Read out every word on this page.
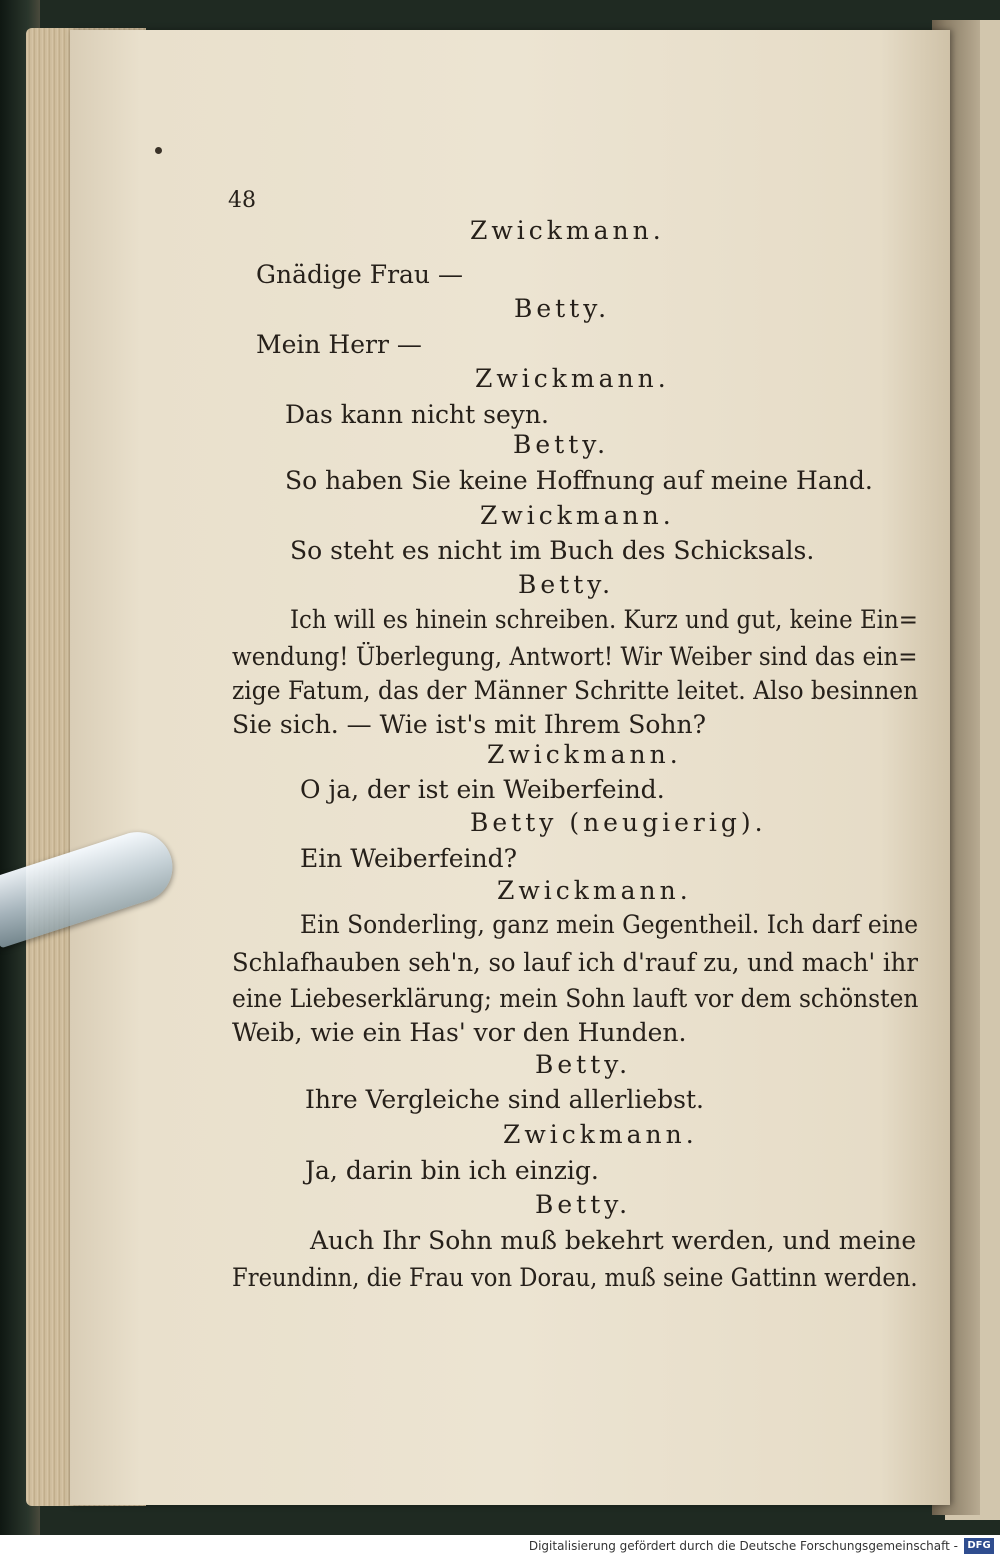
48
Zwickmann.
Gnädige Frau —
Betty.
Mein Herr —
Zwickmann.
Das kann nicht seyn.
Betty.
So haben Sie keine Hoffnung auf meine Hand.
Zwickmann.
So steht es nicht im Buch des Schicksals.
Betty.
Ich will es hinein schreiben. Kurz und gut, keine Ein=
wendung! Überlegung, Antwort! Wir Weiber sind das ein=
zige Fatum, das der Männer Schritte leitet. Also besinnen
Sie sich. — Wie ist's mit Ihrem Sohn?
Zwickmann.
O ja, der ist ein Weiberfeind.
Betty (neugierig).
Ein Weiberfeind?
Zwickmann.
Ein Sonderling, ganz mein Gegentheil. Ich darf eine
Schlafhauben seh'n, so lauf ich d'rauf zu, und mach' ihr
eine Liebeserklärung; mein Sohn lauft vor dem schönsten
Weib, wie ein Has' vor den Hunden.
Betty.
Ihre Vergleiche sind allerliebst.
Zwickmann.
Ja, darin bin ich einzig.
Betty.
Auch Ihr Sohn muß bekehrt werden, und meine
Freundinn, die Frau von Dorau, muß seine Gattinn werden.
Digitalisierung gefördert durch die Deutsche Forschungsgemeinschaft - DFG
